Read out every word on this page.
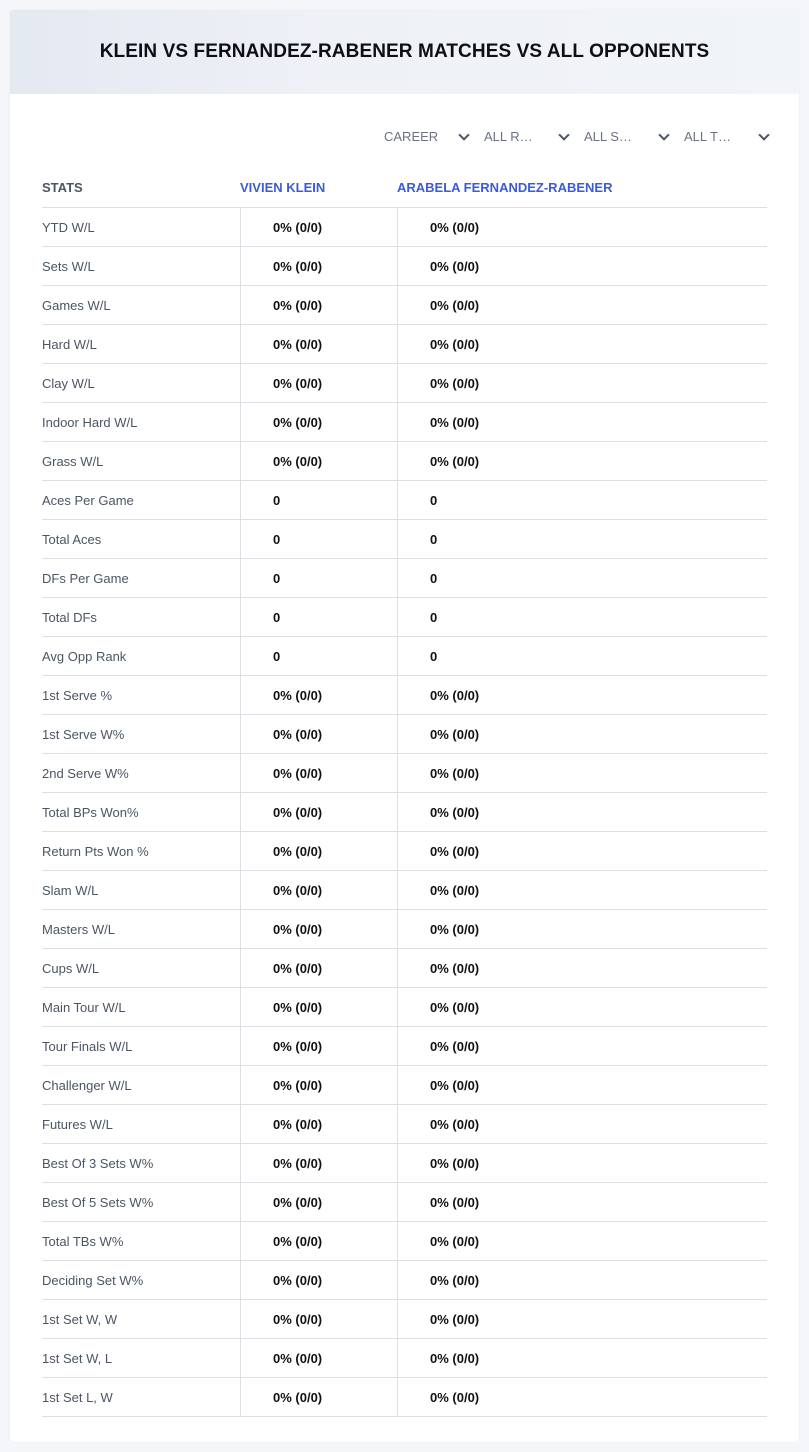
KLEIN VS FERNANDEZ-RABENER MATCHES VS ALL OPPONENTS
CAREER	ALL R…	ALL S…	ALL T…
STATS	VIVIEN KLEIN	ARABELA FERNANDEZ-RABENER
YTD W/L	0% (0/0)	0% (0/0)
Sets W/L	0% (0/0)	0% (0/0)
Games W/L	0% (0/0)	0% (0/0)
Hard W/L	0% (0/0)	0% (0/0)
Clay W/L	0% (0/0)	0% (0/0)
Indoor Hard W/L	0% (0/0)	0% (0/0)
Grass W/L	0% (0/0)	0% (0/0)
Aces Per Game	0	0
Total Aces	0	0
DFs Per Game	0	0
Total DFs	0	0
Avg Opp Rank	0	0
1st Serve %	0% (0/0)	0% (0/0)
1st Serve W%	0% (0/0)	0% (0/0)
2nd Serve W%	0% (0/0)	0% (0/0)
Total BPs Won%	0% (0/0)	0% (0/0)
Return Pts Won %	0% (0/0)	0% (0/0)
Slam W/L	0% (0/0)	0% (0/0)
Masters W/L	0% (0/0)	0% (0/0)
Cups W/L	0% (0/0)	0% (0/0)
Main Tour W/L	0% (0/0)	0% (0/0)
Tour Finals W/L	0% (0/0)	0% (0/0)
Challenger W/L	0% (0/0)	0% (0/0)
Futures W/L	0% (0/0)	0% (0/0)
Best Of 3 Sets W%	0% (0/0)	0% (0/0)
Best Of 5 Sets W%	0% (0/0)	0% (0/0)
Total TBs W%	0% (0/0)	0% (0/0)
Deciding Set W%	0% (0/0)	0% (0/0)
1st Set W, W	0% (0/0)	0% (0/0)
1st Set W, L	0% (0/0)	0% (0/0)
1st Set L, W	0% (0/0)	0% (0/0)
